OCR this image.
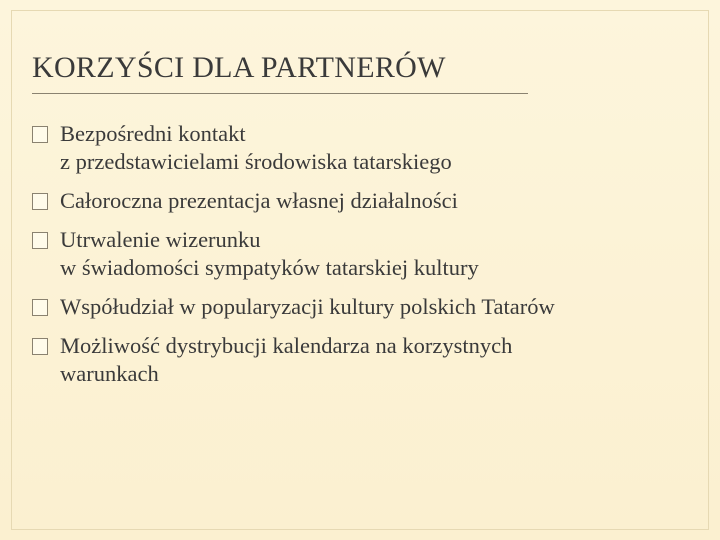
KORZYŚCI DLA PARTNERÓW
Bezpośredni kontakt
z przedstawicielami środowiska tatarskiego
Całoroczna prezentacja własnej działalności
Utrwalenie wizerunku
w świadomości sympatyków tatarskiej kultury
Współudział w popularyzacji kultury polskich Tatarów
Możliwość dystrybucji kalendarza na korzystnych
warunkach
